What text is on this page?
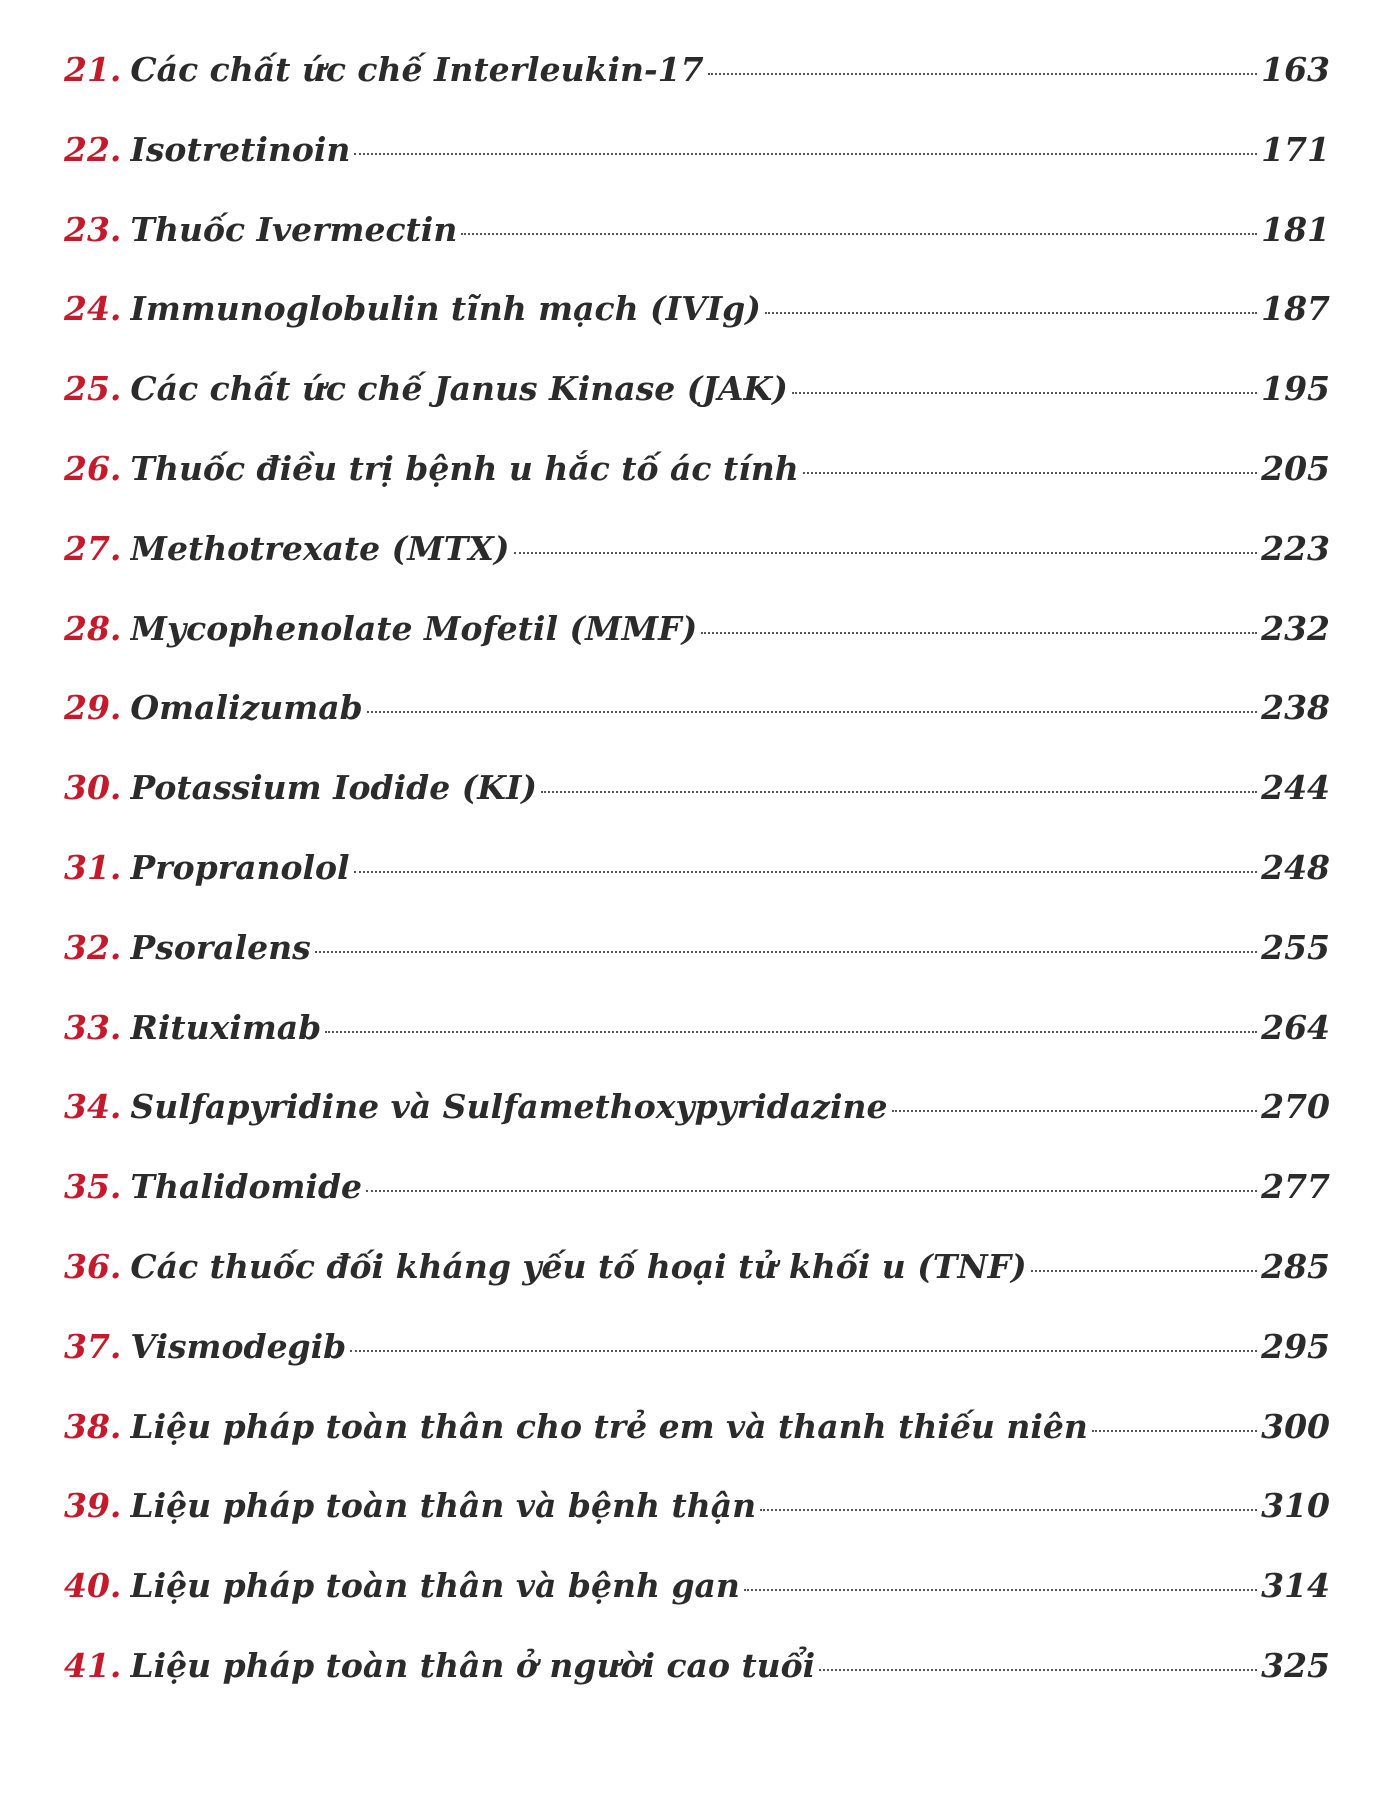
21. Các chất ức chế Interleukin-17	163
22. Isotretinoin	171
23. Thuốc Ivermectin	181
24. Immunoglobulin tĩnh mạch (IVIg)	187
25. Các chất ức chế Janus Kinase (JAK)	195
26. Thuốc điều trị bệnh u hắc tố ác tính	205
27. Methotrexate (MTX)	223
28. Mycophenolate Mofetil (MMF)	232
29. Omalizumab	238
30. Potassium Iodide (KI)	244
31. Propranolol	248
32. Psoralens	255
33. Rituximab	264
34. Sulfapyridine và Sulfamethoxypyridazine	270
35. Thalidomide	277
36. Các thuốc đối kháng yếu tố hoại tử khối u (TNF)	285
37. Vismodegib	295
38. Liệu pháp toàn thân cho trẻ em và thanh thiếu niên	300
39. Liệu pháp toàn thân và bệnh thận	310
40. Liệu pháp toàn thân và bệnh gan	314
41. Liệu pháp toàn thân ở người cao tuổi	325
